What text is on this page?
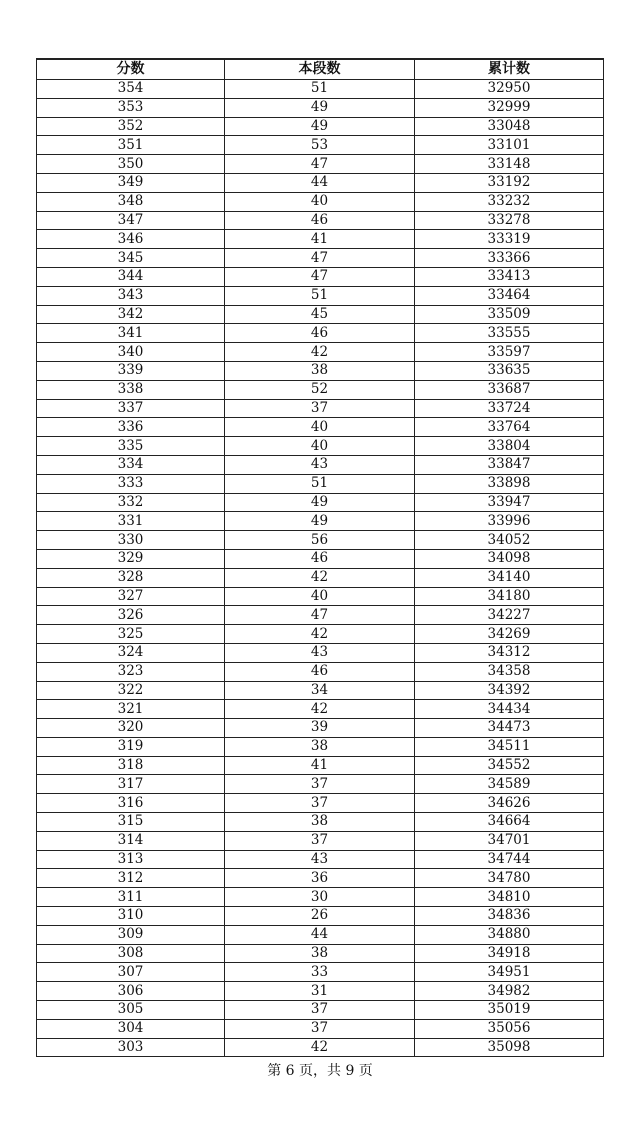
分数	本段数	累计数
354	51	32950
353	49	32999
352	49	33048
351	53	33101
350	47	33148
349	44	33192
348	40	33232
347	46	33278
346	41	33319
345	47	33366
344	47	33413
343	51	33464
342	45	33509
341	46	33555
340	42	33597
339	38	33635
338	52	33687
337	37	33724
336	40	33764
335	40	33804
334	43	33847
333	51	33898
332	49	33947
331	49	33996
330	56	34052
329	46	34098
328	42	34140
327	40	34180
326	47	34227
325	42	34269
324	43	34312
323	46	34358
322	34	34392
321	42	34434
320	39	34473
319	38	34511
318	41	34552
317	37	34589
316	37	34626
315	38	34664
314	37	34701
313	43	34744
312	36	34780
311	30	34810
310	26	34836
309	44	34880
308	38	34918
307	33	34951
306	31	34982
305	37	35019
304	37	35056
303	42	35098
第 6 页，共 9 页
